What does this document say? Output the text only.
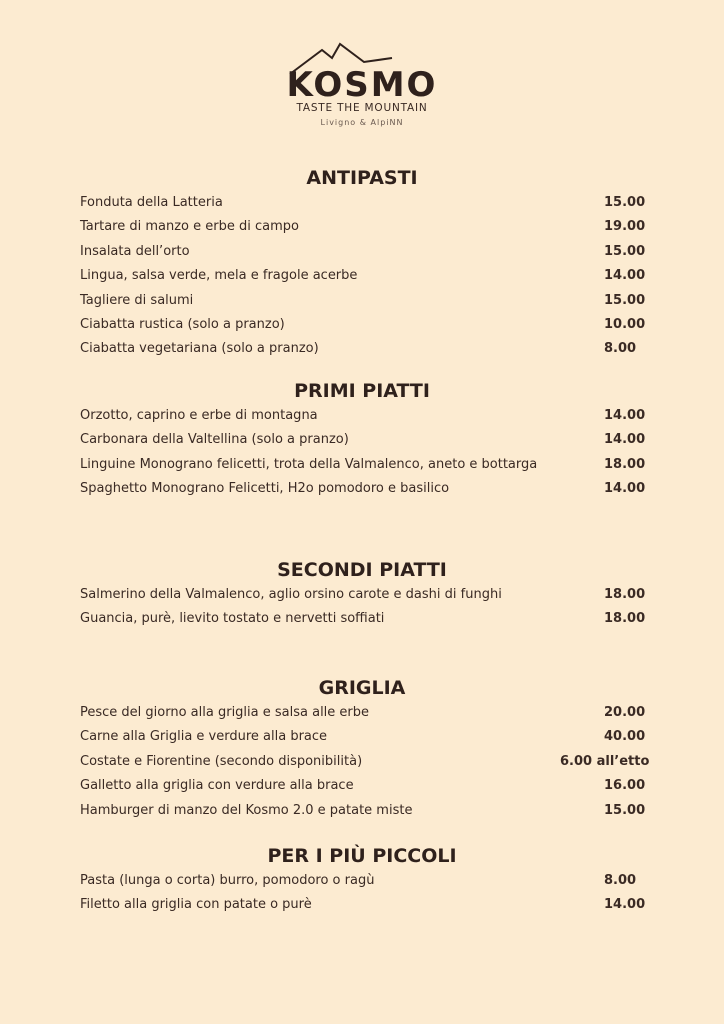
KOSMO
TASTE THE MOUNTAIN
Livigno & AlpiNN
ANTIPASTI
Fonduta della Latteria	15.00
Tartare di manzo e erbe di campo	19.00
Insalata dell’orto	15.00
Lingua, salsa verde, mela e fragole acerbe	14.00
Tagliere di salumi	15.00
Ciabatta rustica (solo a pranzo)	10.00
Ciabatta vegetariana (solo a pranzo)	8.00
PRIMI PIATTI
Orzotto, caprino e erbe di montagna	14.00
Carbonara della Valtellina (solo a pranzo)	14.00
Linguine Monograno felicetti, trota della Valmalenco, aneto e bottarga	18.00
Spaghetto Monograno Felicetti, H2o pomodoro e basilico	14.00
SECONDI PIATTI
Salmerino della Valmalenco, aglio orsino carote e dashi di funghi	18.00
Guancia, purè, lievito tostato e nervetti soffiati	18.00
GRIGLIA
Pesce del giorno alla griglia e salsa alle erbe	20.00
Carne alla Griglia e verdure alla brace	40.00
Costate e Fiorentine (secondo disponibilità)	6.00 all’etto
Galletto alla griglia con verdure alla brace	16.00
Hamburger di manzo del Kosmo 2.0 e patate miste	15.00
PER I PIÙ PICCOLI
Pasta (lunga o corta) burro, pomodoro o ragù	8.00
Filetto alla griglia con patate o purè	14.00
